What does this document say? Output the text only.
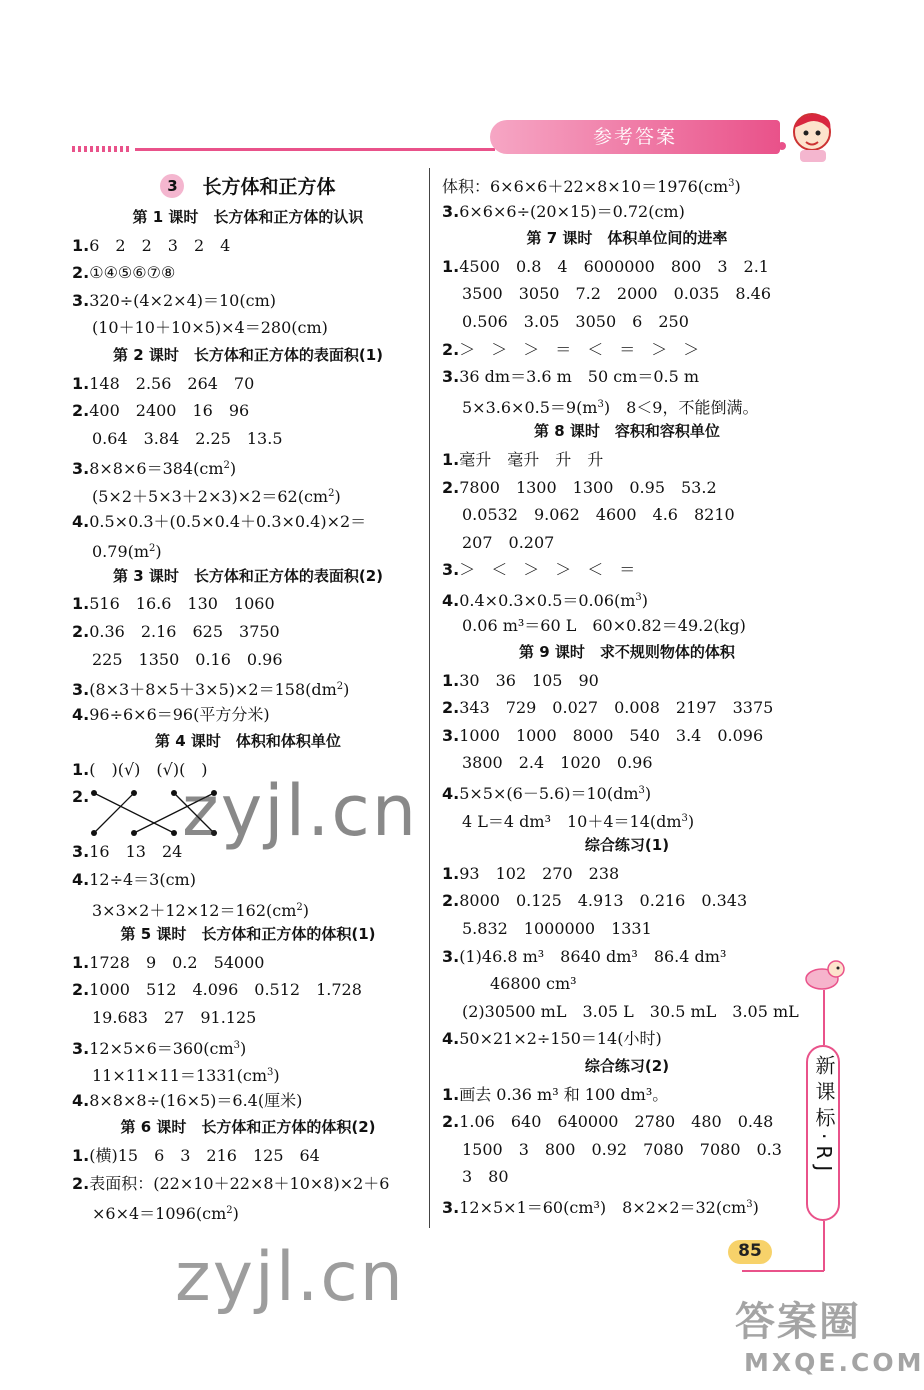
参考答案
3 长方体和正方体
第 1 课时　长方体和正方体的认识
1.6　2　2　3　2　4
2.①④⑤⑥⑦⑧
3.320÷(4×2×4)＝10(cm)
(10＋10＋10×5)×4＝280(cm)
第 2 课时　长方体和正方体的表面积(1)
1.148　2.56　264　70
2.400　2400　16　96
0.64　3.84　2.25　13.5
$3.8\times 8\times 6=384(cm^2)$
$(5\times 2+5\times 3+2\times 3)\times 2=62(cm^2)$
4.0.5×0.3＋(0.5×0.4＋0.3×0.4)×2＝
$0.79(m^2)$
第 3 课时　长方体和正方体的表面积(2)
1.516　16.6　130　1060
2.0.36　2.16　625　3750
225　1350　0.16　0.96
$3.(8\times 3+8\times 5+3\times 5)\times 2=158(dm^2)$
4.96÷6×6＝96(平方分米)
第 4 课时　体积和体积单位
1.(　)(√)　(√)(　)
2.
3.16　13　24
4.12÷4＝3(cm)
$3\times 3\times 2+12\times 12=162(cm^2)$
第 5 课时　长方体和正方体的体积(1)
1.1728　9　0.2　54000
2.1000　512　4.096　0.512　1.728
19.683　27　91.125
$3.12\times 5\times 6=360(cm^3)$
$11\times 11\times 11=1331(cm^3)$
4.8×8×8÷(16×5)＝6.4(厘米)
第 6 课时　长方体和正方体的体积(2)
1.(横)15　6　3　216　125　64
2.表面积：(22×10＋22×8＋10×8)×2＋6
$\times 6\times 4=1096(cm^2)$
体积：$6\times 6\times 6+22\times 8\times 10=1976(cm^3)$
3.6×6×6÷(20×15)＝0.72(cm)
第 7 课时　体积单位间的进率
1.4500　0.8　4　6000000　800　3　2.1
3500　3050　7.2　2000　0.035　8.46
0.506　3.05　3050　6　250
2.＞　＞　＞　＝　＜　＝　＞　＞
3.36 dm＝3.6 m　50 cm＝0.5 m
$5\times 3.6\times 0.5=9(m^3)$　8＜9，不能倒满。
第 8 课时　容积和容积单位
1.毫升　毫升　升　升
2.7800　1300　1300　0.95　53.2
0.0532　9.062　4600　4.6　8210
207　0.207
3.＞　＜　＞　＞　＜　＝
$4.0.4\times 0.3\times 0.5=0.06(m^3)$
0.06 m³＝60 L　60×0.82＝49.2(kg)
第 9 课时　求不规则物体的体积
1.30　36　105　90
2.343　729　0.027　0.008　2197　3375
3.1000　1000　8000　540　3.4　0.096
3800　2.4　1020　0.96
$4.5\times 5\times(6-5.6)=10(dm^3)$
4 L＝4 dm³　$10+4=14(dm^3)$
综合练习(1)
1.93　102　270　238
2.8000　0.125　4.913　0.216　0.343
5.832　1000000　1331
3.(1)46.8 m³　8640 dm³　86.4 dm³
46800 cm³
(2)30500 mL　3.05 L　30.5 mL　3.05 mL
4.50×21×2÷150＝14(小时)
综合练习(2)
1.画去 0.36 m³ 和 100 dm³。
2.1.06　640　640000　2780　480　0.48
1500　3　800　0.92　7080　7080　0.3
3　80
3.12×5×1＝60(cm³)　$8\times 2\times 2=32(cm^3)$
新课标·RJ
85
zyjl.cn
zyjl.cn
答案圈
MXQE.COM
